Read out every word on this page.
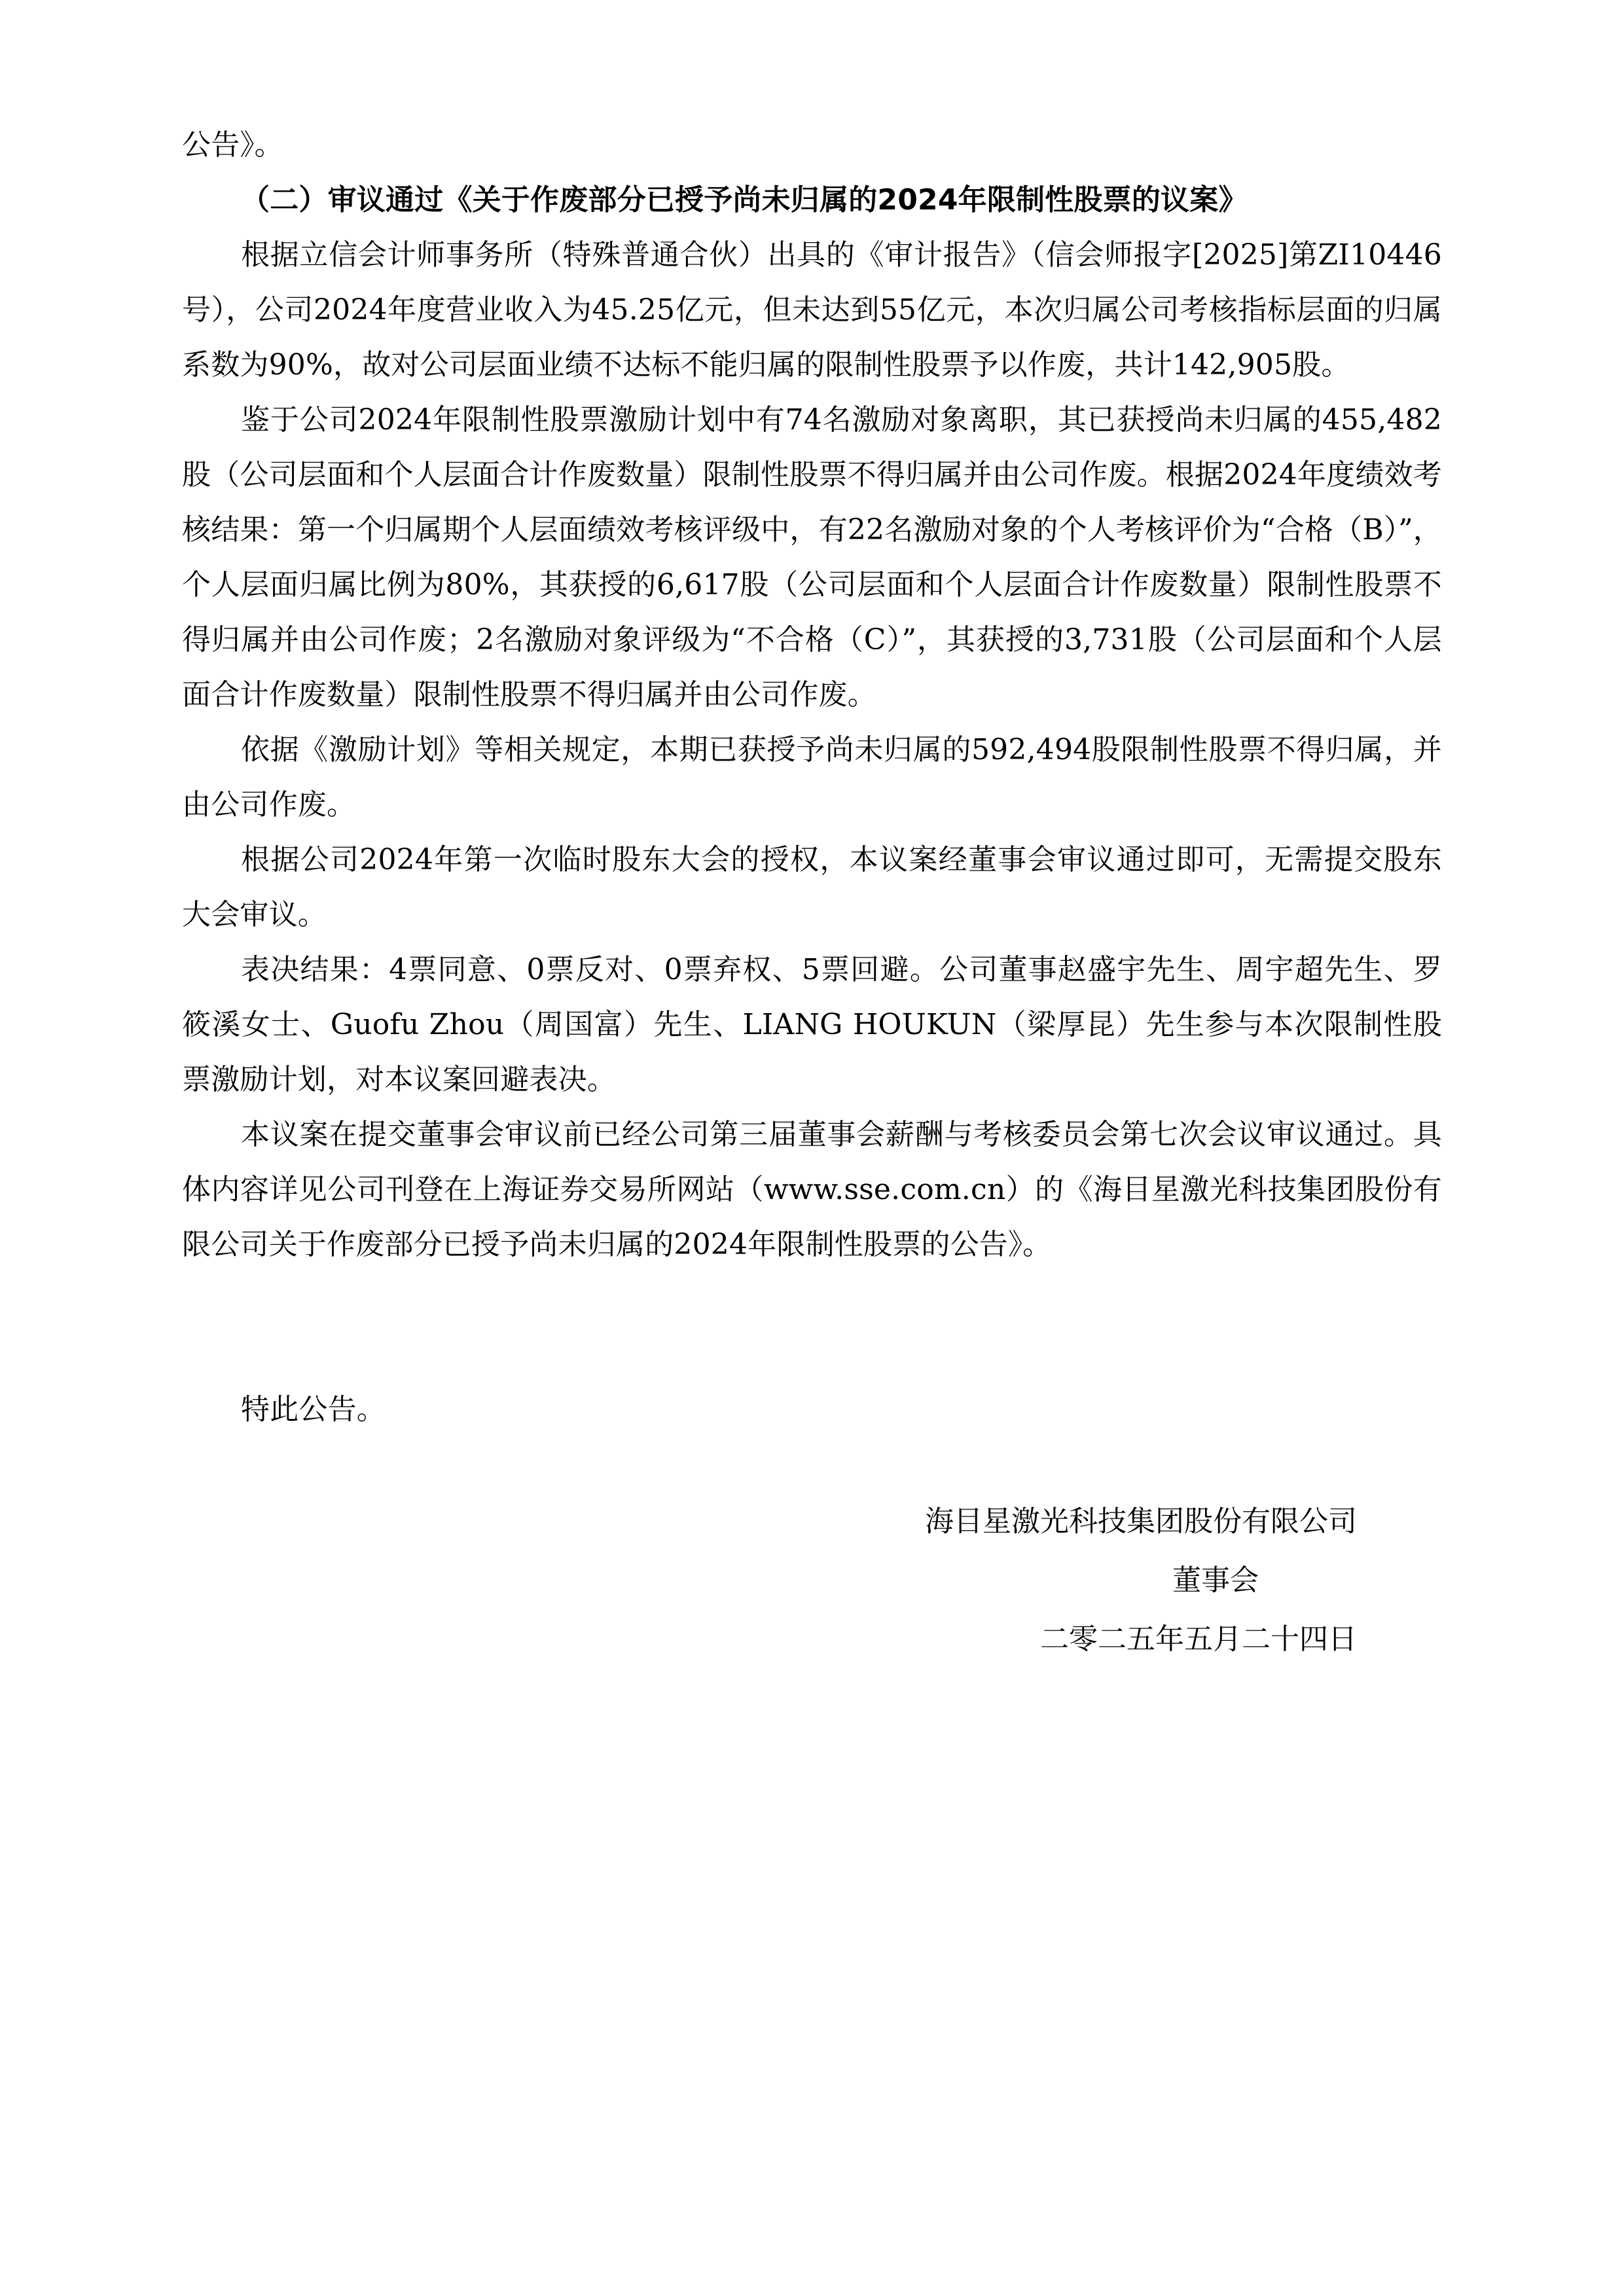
公告》。

（二）审议通过《关于作废部分已授予尚未归属的2024年限制性股票的议案》

根据立信会计师事务所（特殊普通合伙）出具的《审计报告》（信会师报字[2025]第ZI10446号），公司2024年度营业收入为45.25亿元，但未达到55亿元，本次归属公司考核指标层面的归属系数为90%，故对公司层面业绩不达标不能归属的限制性股票予以作废，共计142,905股。

鉴于公司2024年限制性股票激励计划中有74名激励对象离职，其已获授尚未归属的455,482股（公司层面和个人层面合计作废数量）限制性股票不得归属并由公司作废。根据2024年度绩效考核结果：第一个归属期个人层面绩效考核评级中，有22名激励对象的个人考核评价为“合格（B）”，个人层面归属比例为80%，其获授的6,617股（公司层面和个人层面合计作废数量）限制性股票不得归属并由公司作废；2名激励对象评级为“不合格（C）”，其获授的3,731股（公司层面和个人层面合计作废数量）限制性股票不得归属并由公司作废。

依据《激励计划》等相关规定，本期已获授予尚未归属的592,494股限制性股票不得归属，并由公司作废。

根据公司2024年第一次临时股东大会的授权，本议案经董事会审议通过即可，无需提交股东大会审议。

表决结果：4票同意、0票反对、0票弃权、5票回避。公司董事赵盛宇先生、周宇超先生、罗筱溪女士、Guofu Zhou（周国富）先生、LIANG HOUKUN（梁厚昆）先生参与本次限制性股票激励计划，对本议案回避表决。

本议案在提交董事会审议前已经公司第三届董事会薪酬与考核委员会第七次会议审议通过。具体内容详见公司刊登在上海证券交易所网站（www.sse.com.cn）的《海目星激光科技集团股份有限公司关于作废部分已授予尚未归属的2024年限制性股票的公告》。

特此公告。

海目星激光科技集团股份有限公司
董事会
二零二五年五月二十四日
